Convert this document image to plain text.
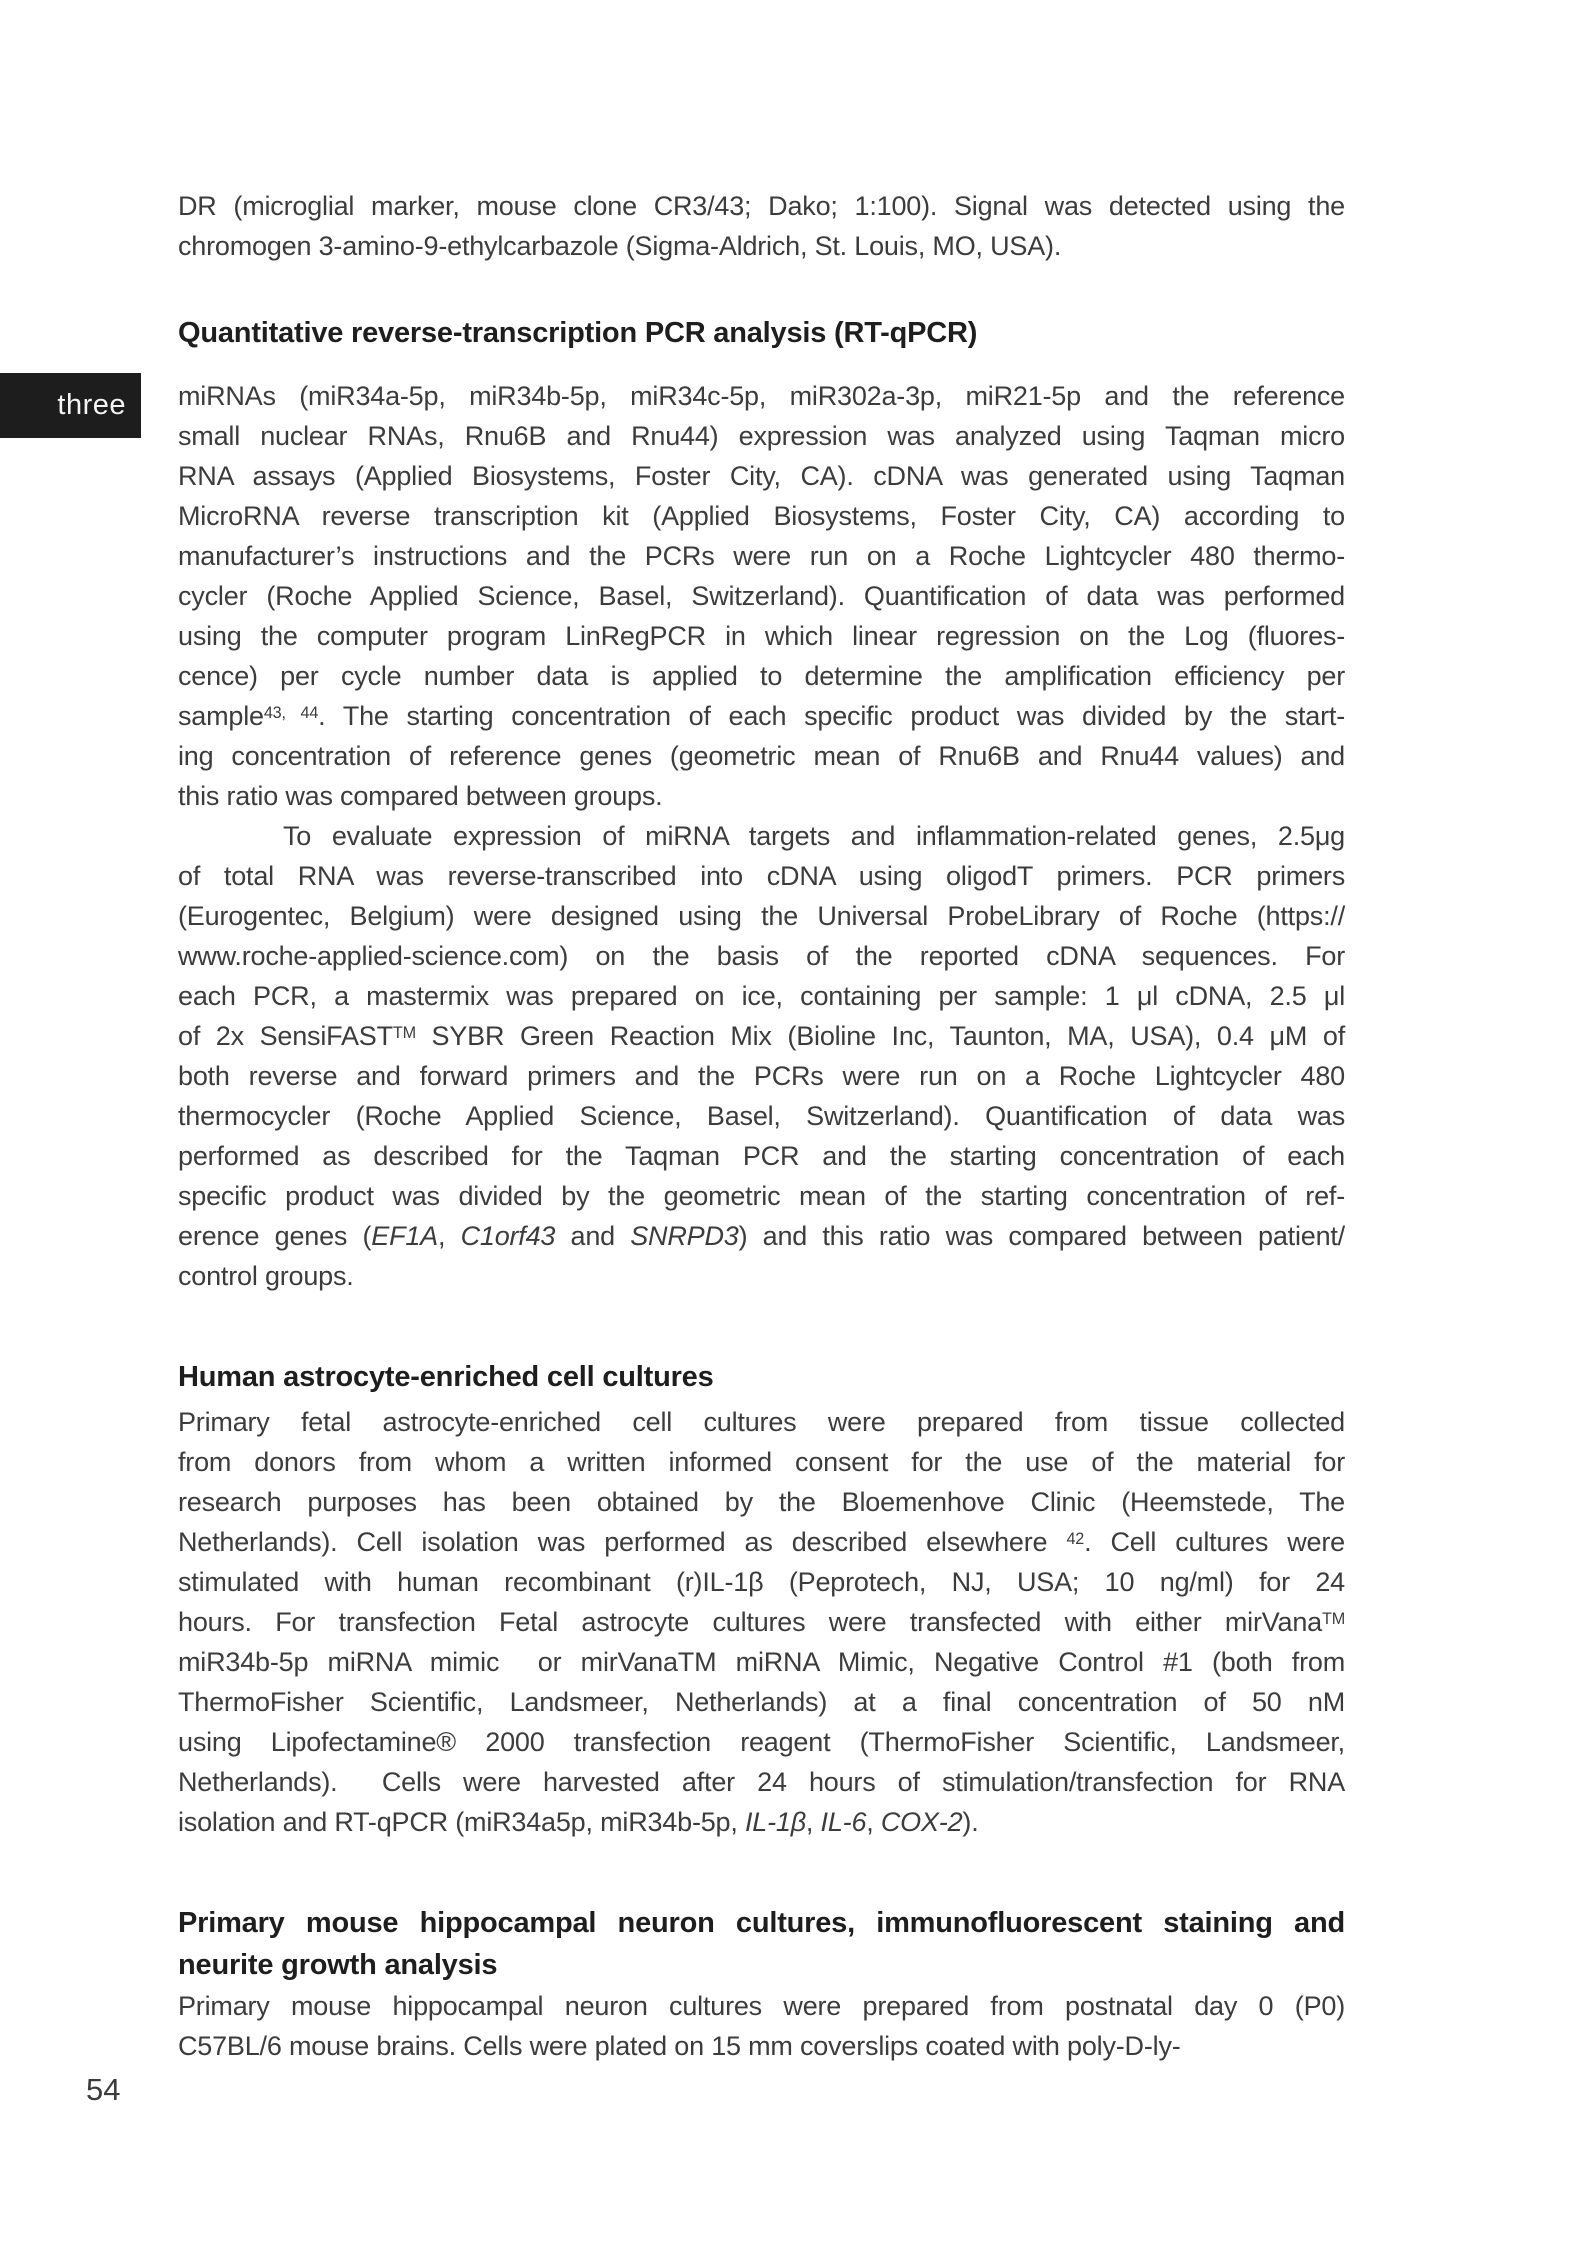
three
DR (microglial marker, mouse clone CR3/43; Dako; 1:100). Signal was detected using the
chromogen 3-amino-9-ethylcarbazole (Sigma-Aldrich, St. Louis, MO, USA).
Quantitative reverse-transcription PCR analysis (RT-qPCR)
miRNAs (miR34a-5p, miR34b-5p, miR34c-5p, miR302a-3p, miR21-5p and the reference
small nuclear RNAs, Rnu6B and Rnu44) expression was analyzed using Taqman micro
RNA assays (Applied Biosystems, Foster City, CA). cDNA was generated using Taqman
MicroRNA reverse transcription kit (Applied Biosystems, Foster City, CA) according to
manufacturer’s instructions and the PCRs were run on a Roche Lightcycler 480 thermo-
cycler (Roche Applied Science, Basel, Switzerland). Quantification of data was performed
using the computer program LinRegPCR in which linear regression on the Log (fluores-
cence) per cycle number data is applied to determine the amplification efficiency per
sample$^{43, 44}$. The starting concentration of each specific product was divided by the start-
ing concentration of reference genes (geometric mean of Rnu6B and Rnu44 values) and
this ratio was compared between groups.
To evaluate expression of miRNA targets and inflammation-related genes, 2.5μg
of total RNA was reverse-transcribed into cDNA using oligodT primers. PCR primers
(Eurogentec, Belgium) were designed using the Universal ProbeLibrary of Roche (https://
www.roche-applied-science.com) on the basis of the reported cDNA sequences. For
each PCR, a mastermix was prepared on ice, containing per sample: 1 μl cDNA, 2.5 μl
of 2x SensiFAST™ SYBR Green Reaction Mix (Bioline Inc, Taunton, MA, USA), 0.4 μM of
both reverse and forward primers and the PCRs were run on a Roche Lightcycler 480
thermocycler (Roche Applied Science, Basel, Switzerland). Quantification of data was
performed as described for the Taqman PCR and the starting concentration of each
specific product was divided by the geometric mean of the starting concentration of ref-
erence genes (EF1A, C1orf43 and SNRPD3) and this ratio was compared between patient/
control groups.
Human astrocyte-enriched cell cultures
Primary fetal astrocyte-enriched cell cultures were prepared from tissue collected
from donors from whom a written informed consent for the use of the material for
research purposes has been obtained by the Bloemenhove Clinic (Heemstede, The
Netherlands). Cell isolation was performed as described elsewhere $^{42}$. Cell cultures were
stimulated with human recombinant (r)IL-1β (Peprotech, NJ, USA; 10 ng/ml) for 24
hours. For transfection Fetal astrocyte cultures were transfected with either mirVana™
miR34b-5p miRNA mimic  or mirVanaTM miRNA Mimic, Negative Control #1 (both from
ThermoFisher Scientific, Landsmeer, Netherlands) at a final concentration of 50 nM
using Lipofectamine® 2000 transfection reagent (ThermoFisher Scientific, Landsmeer,
Netherlands).  Cells were harvested after 24 hours of stimulation/transfection for RNA
isolation and RT-qPCR (miR34a5p, miR34b-5p, IL-1β, IL-6, COX-2).
Primary mouse hippocampal neuron cultures, immunofluorescent staining and
neurite growth analysis
Primary mouse hippocampal neuron cultures were prepared from postnatal day 0 (P0)
C57BL/6 mouse brains. Cells were plated on 15 mm coverslips coated with poly-D-ly-
54
